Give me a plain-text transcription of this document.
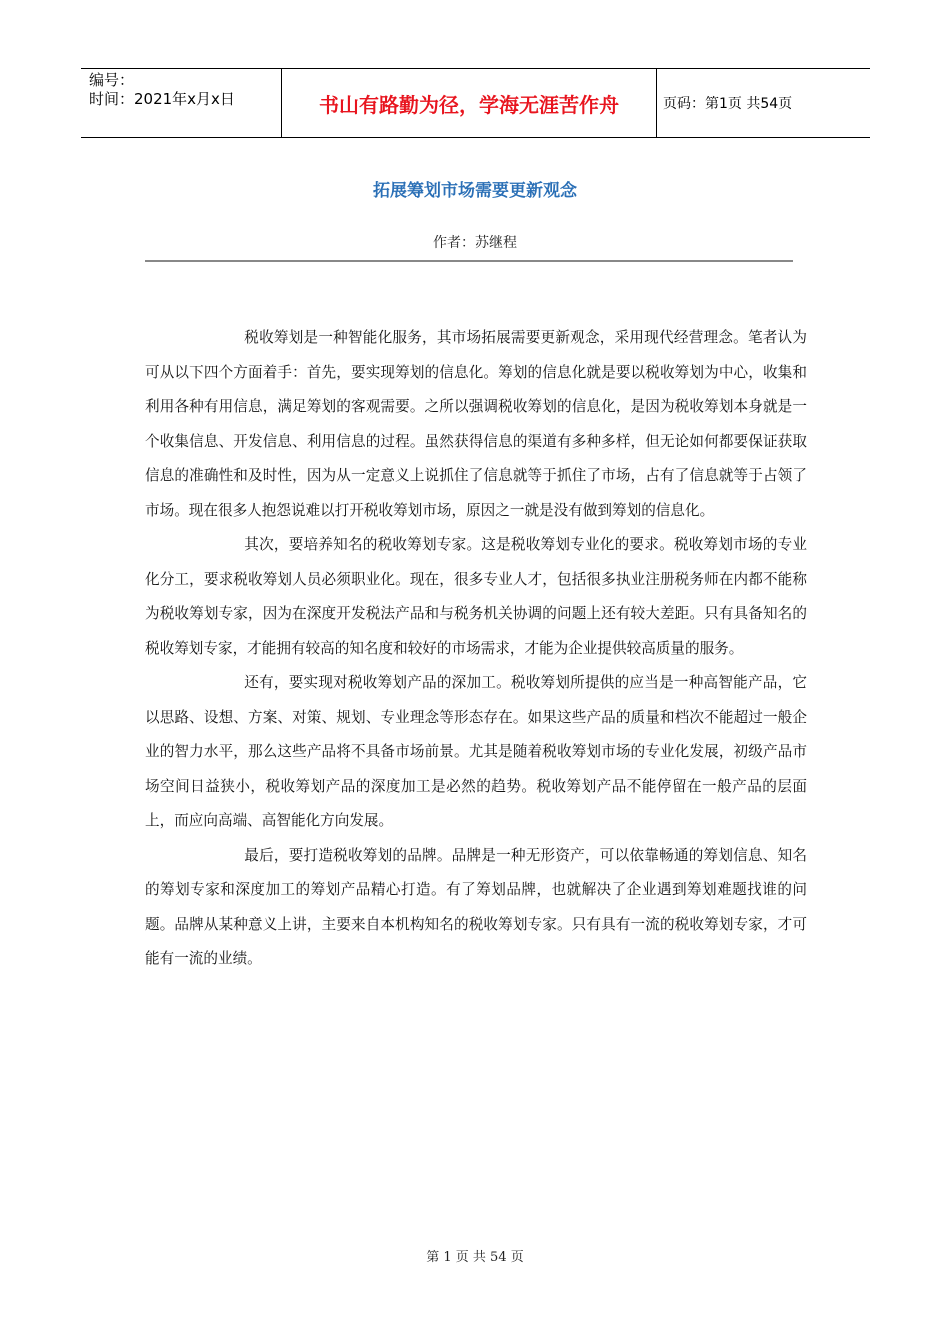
编号：
时间：2021年x月x日	书山有路勤为径，学海无涯苦作舟	页码：第1页 共54页
拓展筹划市场需要更新观念
作者：苏继程

税收筹划是一种智能化服务，其市场拓展需要更新观念，采用现代经营理念。笔者认为可从以下四个方面着手：首先，要实现筹划的信息化。筹划的信息化就是要以税收筹划为中心，收集和利用各种有用信息，满足筹划的客观需要。之所以强调税收筹划的信息化，是因为税收筹划本身就是一个收集信息、开发信息、利用信息的过程。虽然获得信息的渠道有多种多样，但无论如何都要保证获取信息的准确性和及时性，因为从一定意义上说抓住了信息就等于抓住了市场，占有了信息就等于占领了市场。现在很多人抱怨说难以打开税收筹划市场，原因之一就是没有做到筹划的信息化。

其次，要培养知名的税收筹划专家。这是税收筹划专业化的要求。税收筹划市场的专业化分工，要求税收筹划人员必须职业化。现在，很多专业人才，包括很多执业注册税务师在内都不能称为税收筹划专家，因为在深度开发税法产品和与税务机关协调的问题上还有较大差距。只有具备知名的税收筹划专家，才能拥有较高的知名度和较好的市场需求，才能为企业提供较高质量的服务。

还有，要实现对税收筹划产品的深加工。税收筹划所提供的应当是一种高智能产品，它以思路、设想、方案、对策、规划、专业理念等形态存在。如果这些产品的质量和档次不能超过一般企业的智力水平，那么这些产品将不具备市场前景。尤其是随着税收筹划市场的专业化发展，初级产品市场空间日益狭小，税收筹划产品的深度加工是必然的趋势。税收筹划产品不能停留在一般产品的层面上，而应向高端、高智能化方向发展。

最后，要打造税收筹划的品牌。品牌是一种无形资产，可以依靠畅通的筹划信息、知名的筹划专家和深度加工的筹划产品精心打造。有了筹划品牌，也就解决了企业遇到筹划难题找谁的问题。品牌从某种意义上讲，主要来自本机构知名的税收筹划专家。只有具有一流的税收筹划专家，才可能有一流的业绩。

第 1 页 共 54 页
